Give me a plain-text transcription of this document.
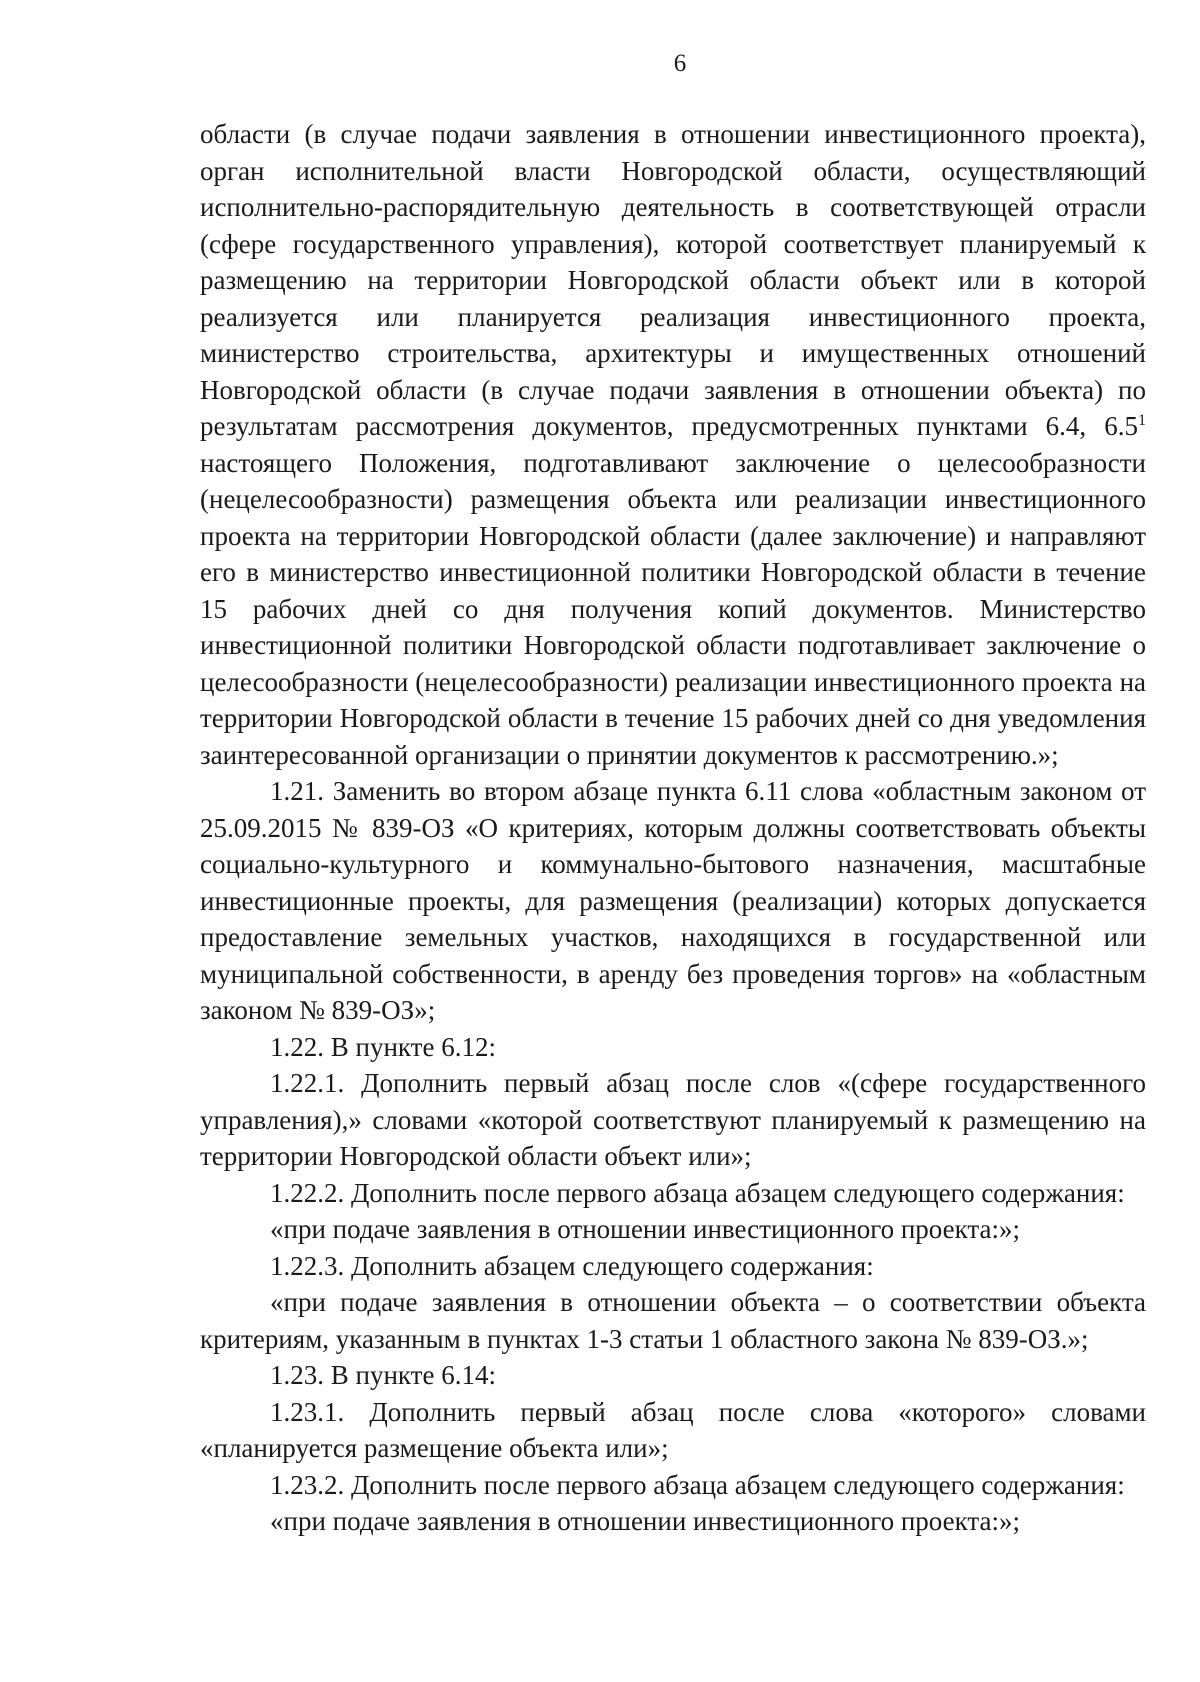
6

области (в случае подачи заявления в отношении инвестиционного проекта), орган исполнительной власти Новгородской области, осуществляющий исполнительно-распорядительную деятельность в соответствующей отрасли (сфере государственного управления), которой соответствует планируемый к размещению на территории Новгородской области объект или в которой реализуется или планируется реализация инвестиционного проекта, министерство строительства, архитектуры и имущественных отношений Новгородской области (в случае подачи заявления в отношении объекта) по результатам рассмотрения документов, предусмотренных пунктами 6.4, $6.5^1$ настоящего Положения, подготавливают заключение о целесообразности (нецелесообразности) размещения объекта или реализации инвестиционного проекта на территории Новгородской области (далее заключение) и направляют его в министерство инвестиционной политики Новгородской области в течение 15 рабочих дней со дня получения копий документов. Министерство инвестиционной политики Новгородской области подготавливает заключение о целесообразности (нецелесообразности) реализации инвестиционного проекта на территории Новгородской области в течение 15 рабочих дней со дня уведомления заинтересованной организации о принятии документов к рассмотрению.»;

1.21. Заменить во втором абзаце пункта 6.11 слова «областным законом от 25.09.2015 № 839-ОЗ «О критериях, которым должны соответствовать объекты социально-культурного и коммунально-бытового назначения, масштабные инвестиционные проекты, для размещения (реализации) которых допускается предоставление земельных участков, находящихся в государственной или муниципальной собственности, в аренду без проведения торгов» на «областным законом № 839-ОЗ»;

1.22. В пункте 6.12:

1.22.1. Дополнить первый абзац после слов «(сфере государственного управления),» словами «которой соответствуют планируемый к размещению на территории Новгородской области объект или»;

1.22.2. Дополнить после первого абзаца абзацем следующего содержания:

«при подаче заявления в отношении инвестиционного проекта:»;

1.22.3. Дополнить абзацем следующего содержания:

«при подаче заявления в отношении объекта – о соответствии объекта критериям, указанным в пунктах 1-3 статьи 1 областного закона № 839-ОЗ.»;

1.23. В пункте 6.14:

1.23.1. Дополнить первый абзац после слова «которого» словами «планируется размещение объекта или»;

1.23.2. Дополнить после первого абзаца абзацем следующего содержания:

«при подаче заявления в отношении инвестиционного проекта:»;
